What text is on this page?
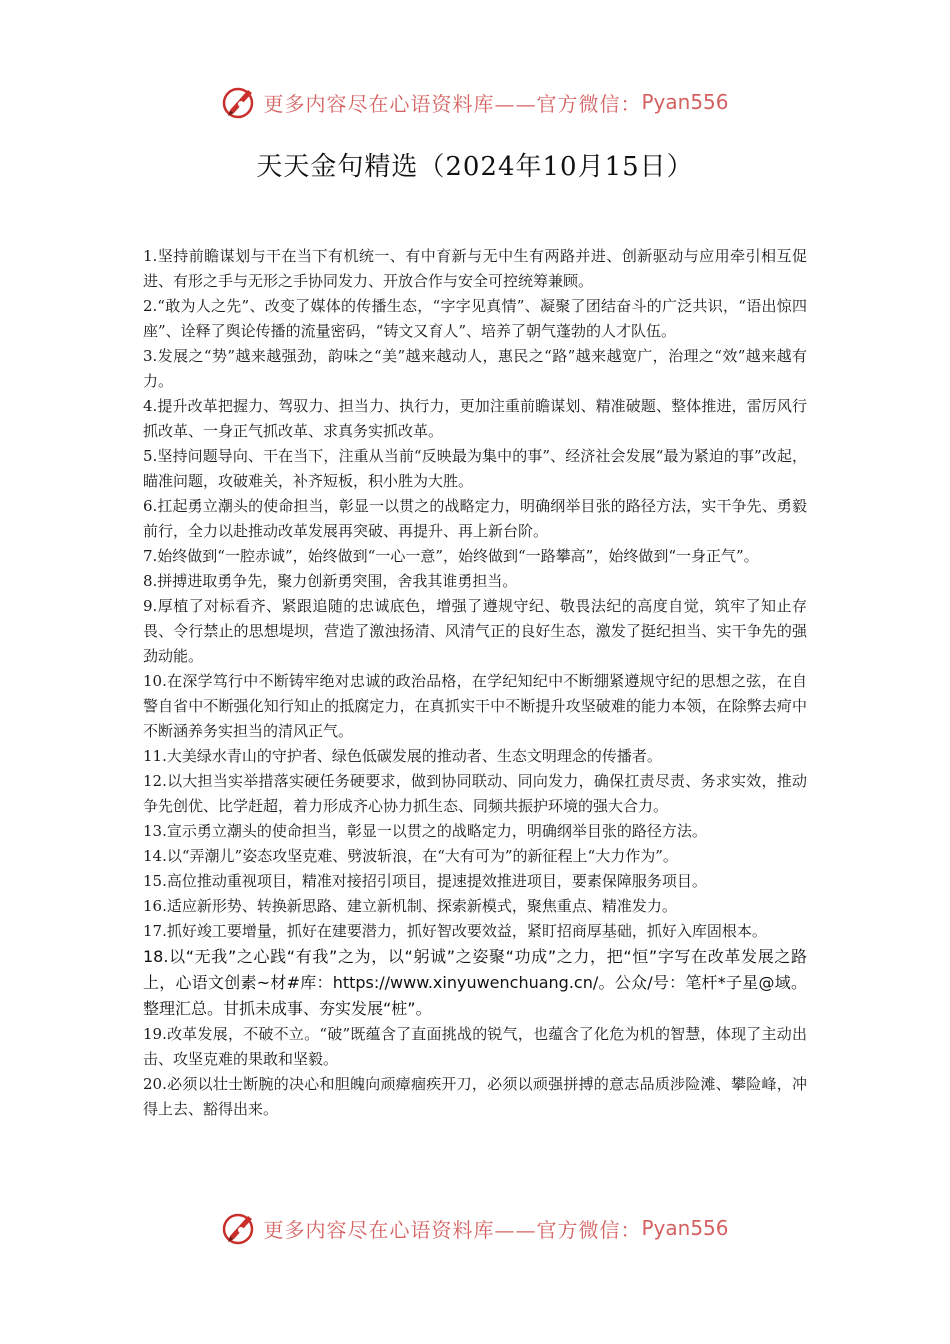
更多内容尽在心语资料库——官方微信： Pyan556
天天金句精选（2024年10月15日）

1.坚持前瞻谋划与干在当下有机统一、有中育新与无中生有两路并进、创新驱动与应用牵引相互促进、有形之手与无形之手协同发力、开放合作与安全可控统筹兼顾。

2.“敢为人之先”、改变了媒体的传播生态，“字字见真情”、凝聚了团结奋斗的广泛共识，“语出惊四座”、诠释了舆论传播的流量密码，“铸文又育人”、培养了朝气蓬勃的人才队伍。

3.发展之“势”越来越强劲，韵味之“美”越来越动人，惠民之“路”越来越宽广，治理之“效”越来越有力。

4.提升改革把握力、驾驭力、担当力、执行力，更加注重前瞻谋划、精准破题、整体推进，雷厉风行抓改革、一身正气抓改革、求真务实抓改革。

5.坚持问题导向、干在当下，注重从当前“反映最为集中的事”、经济社会发展“最为紧迫的事”改起，瞄准问题，攻破难关，补齐短板，积小胜为大胜。

6.扛起勇立潮头的使命担当，彰显一以贯之的战略定力，明确纲举目张的路径方法，实干争先、勇毅前行，全力以赴推动改革发展再突破、再提升、再上新台阶。

7.始终做到“一腔赤诚”，始终做到“一心一意”，始终做到“一路攀高”，始终做到“一身正气”。

8.拼搏进取勇争先，聚力创新勇突围，舍我其谁勇担当。

9.厚植了对标看齐、紧跟追随的忠诚底色，增强了遵规守纪、敬畏法纪的高度自觉，筑牢了知止存畏、令行禁止的思想堤坝，营造了激浊扬清、风清气正的良好生态，激发了挺纪担当、实干争先的强劲动能。

10.在深学笃行中不断铸牢绝对忠诚的政治品格，在学纪知纪中不断绷紧遵规守纪的思想之弦，在自警自省中不断强化知行知止的抵腐定力，在真抓实干中不断提升攻坚破难的能力本领，在除弊去疴中不断涵养务实担当的清风正气。

11.大美绿水青山的守护者、绿色低碳发展的推动者、生态文明理念的传播者。

12.以大担当实举措落实硬任务硬要求，做到协同联动、同向发力，确保扛责尽责、务求实效，推动争先创优、比学赶超，着力形成齐心协力抓生态、同频共振护环境的强大合力。

13.宣示勇立潮头的使命担当，彰显一以贯之的战略定力，明确纲举目张的路径方法。

14.以“弄潮儿”姿态攻坚克难、劈波斩浪，在“大有可为”的新征程上“大力作为”。

15.高位推动重视项目，精准对接招引项目，提速提效推进项目，要素保障服务项目。

16.适应新形势、转换新思路、建立新机制、探索新模式，聚焦重点、精准发力。

17.抓好竣工要增量，抓好在建要潜力，抓好智改要效益，紧盯招商厚基础，抓好入库固根本。

18.以“无我”之心践“有我”之为，以“躬诚”之姿聚“功成”之力，把“恒”字写在改革发展之路上，心语文创素~材#库：https://www.xinyuwenchuang.cn/。公众/号：笔杆*子星@域。整理汇总。甘抓未成事、夯实发展“桩”。

19.改革发展，不破不立。“破”既蕴含了直面挑战的锐气，也蕴含了化危为机的智慧，体现了主动出击、攻坚克难的果敢和坚毅。

20.必须以壮士断腕的决心和胆魄向顽瘴痼疾开刀，必须以顽强拼搏的意志品质涉险滩、攀险峰，冲得上去、豁得出来。

更多内容尽在心语资料库——官方微信： Pyan556
